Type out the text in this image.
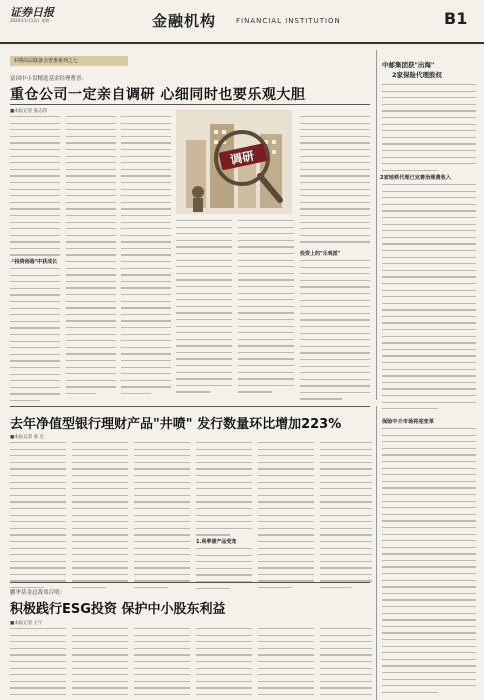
证券日报
2020年1月13日 星期一	金融机构	FINANCIAL INSTITUTION	B1
本期高层践备会普惠系列之七
富国中小盘精选基金经理曹晋:
重仓公司一定亲自调研 心细同时也要乐观大胆
■本报记者 张志伟
"投资创造"中获成长
调研
投资上的"乐观派"
中邮集团获"出海"
2家保险代理股权
2家地铁代理已完善治理费收入
保险中介市场将迎变革
去年净值型银行理财产品"井喷" 发行数量环比增加223%
■本报记者 张 宏
1.利率债产品受宠
鹏华基金总裁邓召明:
积极践行ESG投资 保护中小股东利益
■本报记者 王宁
